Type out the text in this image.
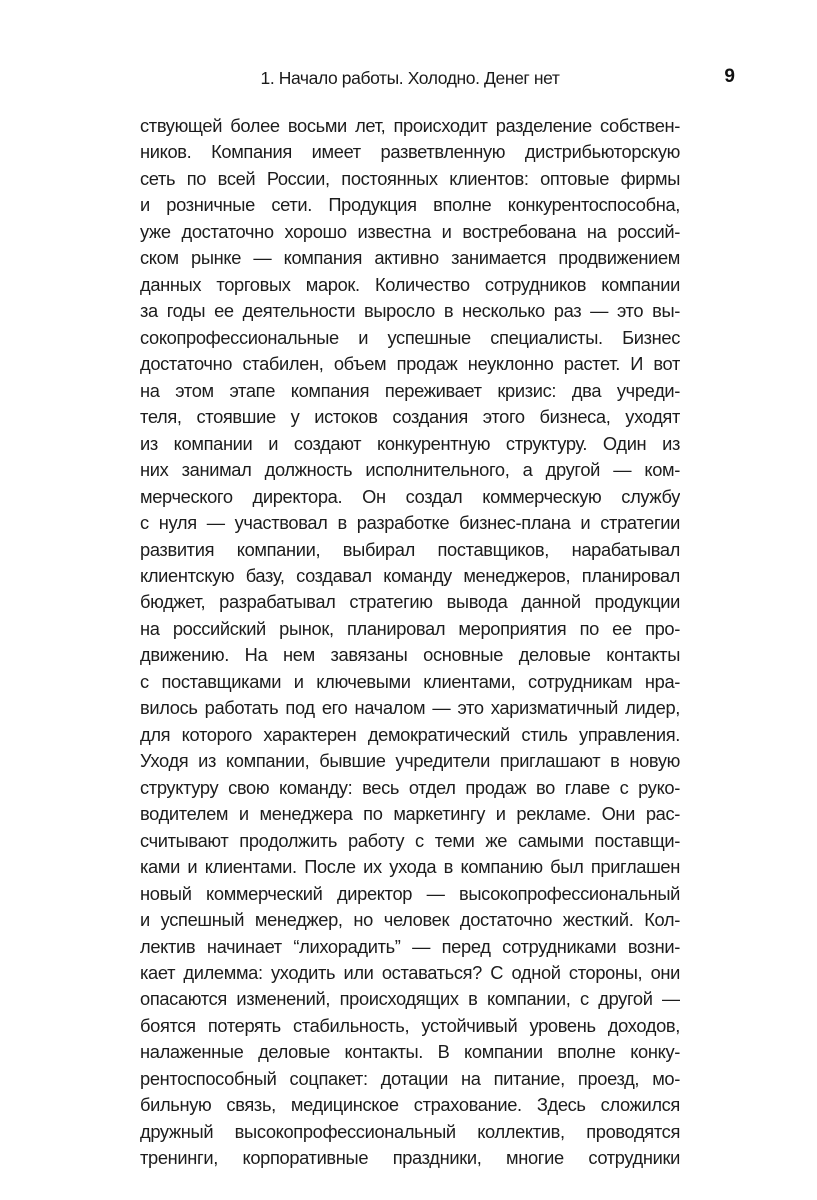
1. Начало работы. Холодно. Денег нет	9
ствующей более восьми лет, происходит разделение собствен-
ников. Компания имеет разветвленную дистрибьюторскую
сеть по всей России, постоянных клиентов: оптовые фирмы
и розничные сети. Продукция вполне конкурентоспособна,
уже достаточно хорошо известна и востребована на россий-
ском рынке — компания активно занимается продвижением
данных торговых марок. Количество сотрудников компании
за годы ее деятельности выросло в несколько раз — это вы-
сокопрофессиональные и успешные специалисты. Бизнес
достаточно стабилен, объем продаж неуклонно растет. И вот
на этом этапе компания переживает кризис: два учреди-
теля, стоявшие у истоков создания этого бизнеса, уходят
из компании и создают конкурентную структуру. Один из
них занимал должность исполнительного, а другой — ком-
мерческого директора. Он создал коммерческую службу
с нуля — участвовал в разработке бизнес-плана и стратегии
развития компании, выбирал поставщиков, нарабатывал
клиентскую базу, создавал команду менеджеров, планировал
бюджет, разрабатывал стратегию вывода данной продукции
на российский рынок, планировал мероприятия по ее про-
движению. На нем завязаны основные деловые контакты
с поставщиками и ключевыми клиентами, сотрудникам нра-
вилось работать под его началом — это харизматичный лидер,
для которого характерен демократический стиль управления.
Уходя из компании, бывшие учредители приглашают в новую
структуру свою команду: весь отдел продаж во главе с руко-
водителем и менеджера по маркетингу и рекламе. Они рас-
считывают продолжить работу с теми же самыми поставщи-
ками и клиентами. После их ухода в компанию был приглашен
новый коммерческий директор — высокопрофессиональный
и успешный менеджер, но человек достаточно жесткий. Кол-
лектив начинает “лихорадить” — перед сотрудниками возни-
кает дилемма: уходить или оставаться? С одной стороны, они
опасаются изменений, происходящих в компании, с другой —
боятся потерять стабильность, устойчивый уровень доходов,
налаженные деловые контакты. В компании вполне конку-
рентоспособный соцпакет: дотации на питание, проезд, мо-
бильную связь, медицинское страхование. Здесь сложился
дружный высокопрофессиональный коллектив, проводятся
тренинги, корпоративные праздники, многие сотрудники
